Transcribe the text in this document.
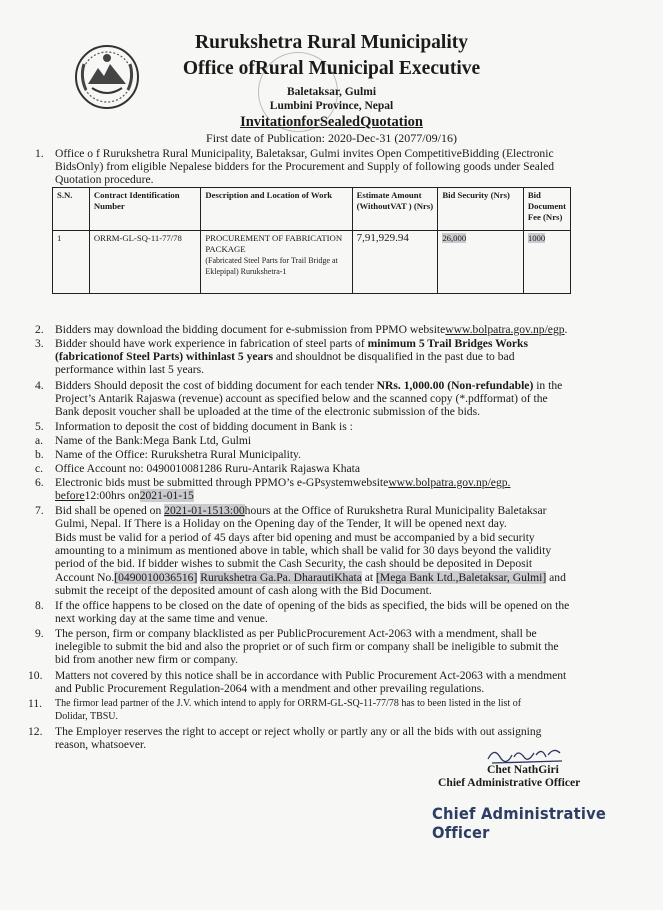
Rurukshetra Rural Municipality
Office ofRural Municipal Executive
Baletaksar, Gulmi
Lumbini Province, Nepal
InvitationforSealedQuotation
First date of Publication: 2020-Dec-31 (2077/09/16)
1. Office o f Rurukshetra Rural Municipality, Baletaksar, Gulmi invites Open CompetitiveBidding (Electronic
BidsOnly) from eligible Nepalese bidders for the Procurement and Supply of following goods under Sealed
Quotation procedure.
S.N.	Contract Identification Number	Description and Location of Work	Estimate Amount (WithoutVAT ) (Nrs)	Bid Security (Nrs)	Bid Document Fee (Nrs)
1	ORRM-GL-SQ-11-77/78	PROCUREMENT OF FABRICATION PACKAGE
(Fabricated Steel Parts for Trail Bridge at Eklepipal) Rurukshetra-1	7,91,929.94	26,000	1000
2. Bidders may download the bidding document for e-submission from PPMO websitewww.bolpatra.gov.np/egp.
3. Bidder should have work experience in fabrication of steel parts of minimum 5 Trail Bridges Works
(fabricationof Steel Parts) withinlast 5 years and shouldnot be disqualified in the past due to bad
performance within last 5 years.
4. Bidders Should deposit the cost of bidding document for each tender NRs. 1,000.00 (Non-refundable) in the
Project’s Antarik Rajaswa (revenue) account as specified below and the scanned copy (*.pdfformat) of the
Bank deposit voucher shall be uploaded at the time of the electronic submission of the bids.
5. Information to deposit the cost of bidding document in Bank is :
a. Name of the Bank:Mega Bank Ltd, Gulmi
b. Name of the Office: Rurukshetra Rural Municipality.
c. Office Account no: 0490010081286 Ruru-Antarik Rajaswa Khata
6. Electronic bids must be submitted through PPMO’s e-GPsystemwebsitewww.bolpatra.gov.np/egp.
before12:00hrs on2021-01-15
7. Bid shall be opened on 2021-01-1513:00hours at the Office of Rurukshetra Rural Municipality Baletaksar
Gulmi, Nepal. If There is a Holiday on the Opening day of the Tender, It will be opened next day.
Bids must be valid for a period of 45 days after bid opening and must be accompanied by a bid security
amounting to a minimum as mentioned above in table, which shall be valid for 30 days beyond the validity
period of the bid. If bidder wishes to submit the Cash Security, the cash should be deposited in Deposit
Account No.[0490010036516] Rurukshetra Ga.Pa. DharautiKhata at [Mega Bank Ltd.,Baletaksar, Gulmi] and
submit the receipt of the deposited amount of cash along with the Bid Document.
8. If the office happens to be closed on the date of opening of the bids as specified, the bids will be opened on the
next working day at the same time and venue.
9. The person, firm or company blacklisted as per PublicProcurement Act-2063 with a mendment, shall be
inelegible to submit the bid and also the propriet or of such firm or company shall be ineligible to submit the
bid from another new firm or company.
10. Matters not covered by this notice shall be in accordance with Public Procurement Act-2063 with a mendment
and Public Procurement Regulation-2064 with a mendment and other prevailing regulations.
11. The firmor lead partner of the J.V. which intend to apply for ORRM-GL-SQ-11-77/78 has to been listed in the list of
Dolidar, TBSU.
12. The Employer reserves the right to accept or reject wholly or partly any or all the bids with out assigning
reason, whatsoever.
Chet NathGiri
Chief Administrative Officer
Chief Administrative Officer
